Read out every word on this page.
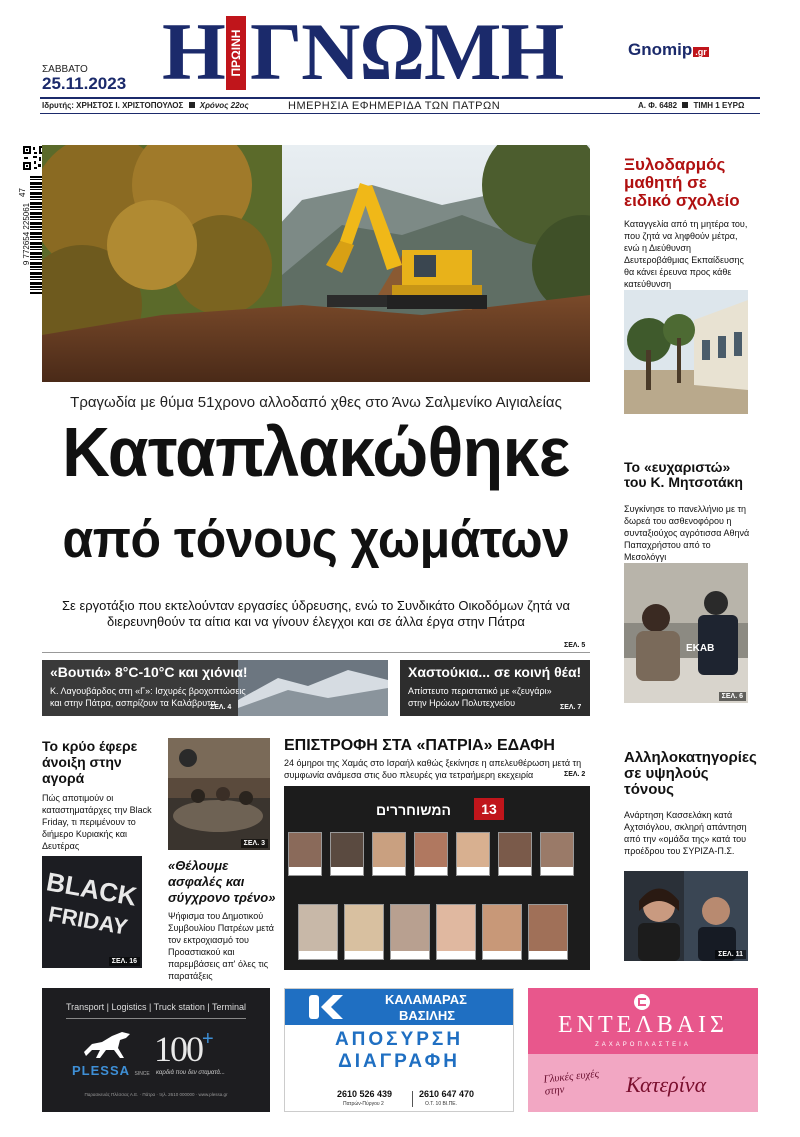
ΣΑΒΒΑΤΟ
25.11.2023 Η ΠΡΩΙΝΗ ΓΝΩΜΗ	Gnomip .gr
Ιδρυτής: ΧΡΗΣΤΟΣ Ι. ΧΡΙΣΤΟΠΟΥΛΟΣ Χρόνος 22ος	ΗΜΕΡΗΣΙΑ ΕΦΗΜΕΡΙΔΑ ΤΩΝ ΠΑΤΡΩΝ	Α. Φ. 6482 ΤΙΜΗ 1 ΕΥΡΩ
9 772654 225061
47
Τραγωδία με θύμα 51χρονο αλλοδαπό χθες στο Άνω Σαλμενίκο Αιγιαλείας
Καταπλακώθηκε
από τόνους χωμάτων
Σε εργοτάξιο που εκτελούνταν εργασίες ύδρευσης, ενώ το Συνδικάτο Οικοδόμων ζητά να διερευνηθούν τα αίτια και να γίνουν έλεγχοι και σε άλλα έργα στην Πάτρα
ΣΕΛ. 5
Ξυλοδαρμός μαθητή σε ειδικό σχολείο
Καταγγελία από τη μητέρα του, που ζητά να ληφθούν μέτρα, ενώ η Διεύθυνση Δευτεροβάθμιας Εκπαίδευσης θα κάνει έρευνα προς κάθε κατεύθυνση
Το «ευχαριστώ» του Κ. Μητσοτάκη
Συγκίνησε το πανελλήνιο με τη δωρεά του ασθενοφόρου η συνταξιούχος αγρότισσα Αθηνά Παπαχρήστου από το Μεσολόγγι
ΕΚΑΒ
ΣΕΛ. 6
Αλληλοκατηγορίες σε υψηλούς τόνους
Ανάρτηση Κασσελάκη κατά Αχτσιόγλου, σκληρή απάντηση από την «ομάδα της» κατά του προέδρου του ΣΥΡΙΖΑ-Π.Σ.
ΣΕΛ. 11
«Βουτιά» 8°C-10°C και χιόνια!
Κ. Λαγουβάρδος στη «Γ»: Ισχυρές βροχοπτώσεις και στην Πάτρα, ασπρίζουν τα Καλάβρυτα
ΣΕΛ. 4
Χαστούκια... σε κοινή θέα!
Απίστευτο περιστατικό με «ζευγάρι» στην Ηρώων Πολυτεχνείου	ΣΕΛ. 7
Το κρύο έφερε άνοιξη στην αγορά
Πώς αποτιμούν οι καταστηματάρχες την Black Friday, τι περιμένουν το διήμερο Κυριακής και Δευτέρας
BLACK
FRIDAY
ΣΕΛ. 16
ΣΕΛ. 3
«Θέλουμε ασφαλές και σύγχρονο τρένο»
Ψήφισμα του Δημοτικού Συμβουλίου Πατρέων μετά τον εκτροχιασμό του Προαστιακού και παρεμβάσεις απ' όλες τις παρατάξεις
ΕΠΙΣΤΡΟΦΗ ΣΤΑ «ΠΑΤΡΙΑ» ΕΔΑΦΗ
24 όμηροι της Χαμάς στο Ισραήλ καθώς ξεκίνησε η απελευθέρωση μετά τη συμφωνία ανάμεσα στις δυο πλευρές για τετραήμερη εκεχειρία	ΣΕΛ. 2
המשוחררים	13
Transport | Logistics | Truck station | Terminal
PLESSA SINCE
100+
καρδιά που δεν σταματά...
Παρασκευάς Πλέσσας Α.Ε. · Πάτρα · τηλ. 2610 000000 · www.plessa.gr
ΚΑΛΑΜΑΡΑΣ
ΒΑΣΙΛΗΣ
ΑΠΟΣΥΡΣΗ
ΔΙΑΓΡΑΦΗ
2610 526 439
Πατρών-Πύργου 2
2610 647 470
Ο.Τ. 10 ΒΙ.ΠΕ.
ΕΝΤΕΛΒΑΙΣ
ΖΑΧΑΡΟΠΛΑΣΤΕΙΑ
Γλυκές ευχές στην	Κατερίνα
